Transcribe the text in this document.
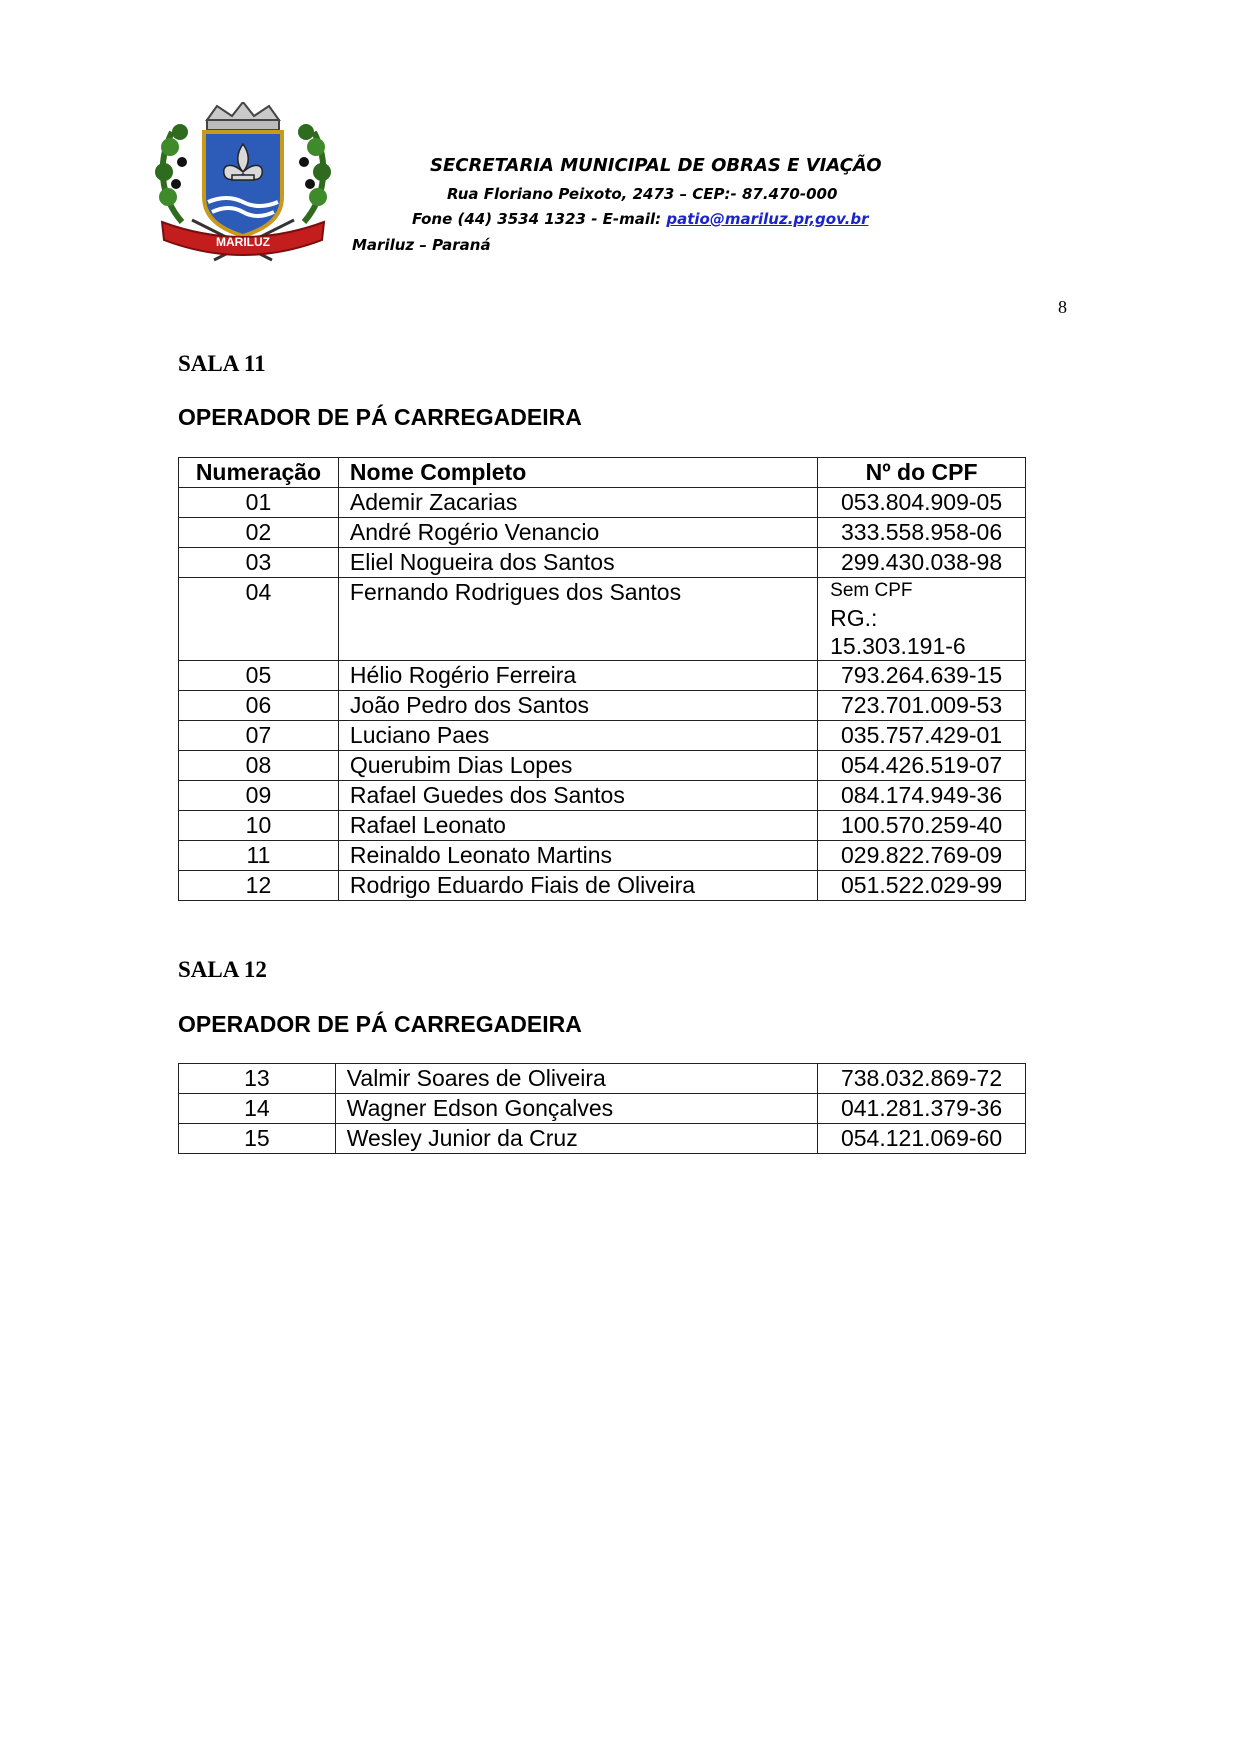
MARILUZ
SECRETARIA MUNICIPAL DE OBRAS E VIAÇÃO
Rua Floriano Peixoto, 2473 – CEP:- 87.470-000
Fone (44) 3534 1323 - E-mail: patio@mariluz.pr,gov.br
Mariluz – Paraná
8
SALA 11
OPERADOR DE PÁ CARREGADEIRA
Numeração	Nome Completo	Nº do CPF
01	Ademir Zacarias	053.804.909-05
02	André Rogério Venancio	333.558.958-06
03	Eliel Nogueira dos Santos	299.430.038-98
04	Fernando Rodrigues dos Santos	Sem CPF
RG.:
15.303.191-6

05	Hélio Rogério Ferreira	793.264.639-15
06	João Pedro dos Santos	723.701.009-53
07	Luciano Paes	035.757.429-01
08	Querubim Dias Lopes	054.426.519-07
09	Rafael Guedes dos Santos	084.174.949-36
10	Rafael Leonato	100.570.259-40
11	Reinaldo Leonato Martins	029.822.769-09
12	Rodrigo Eduardo Fiais de Oliveira	051.522.029-99
SALA 12
OPERADOR DE PÁ CARREGADEIRA
13	Valmir Soares de Oliveira	738.032.869-72
14	Wagner Edson Gonçalves	041.281.379-36
15	Wesley Junior da Cruz	054.121.069-60
